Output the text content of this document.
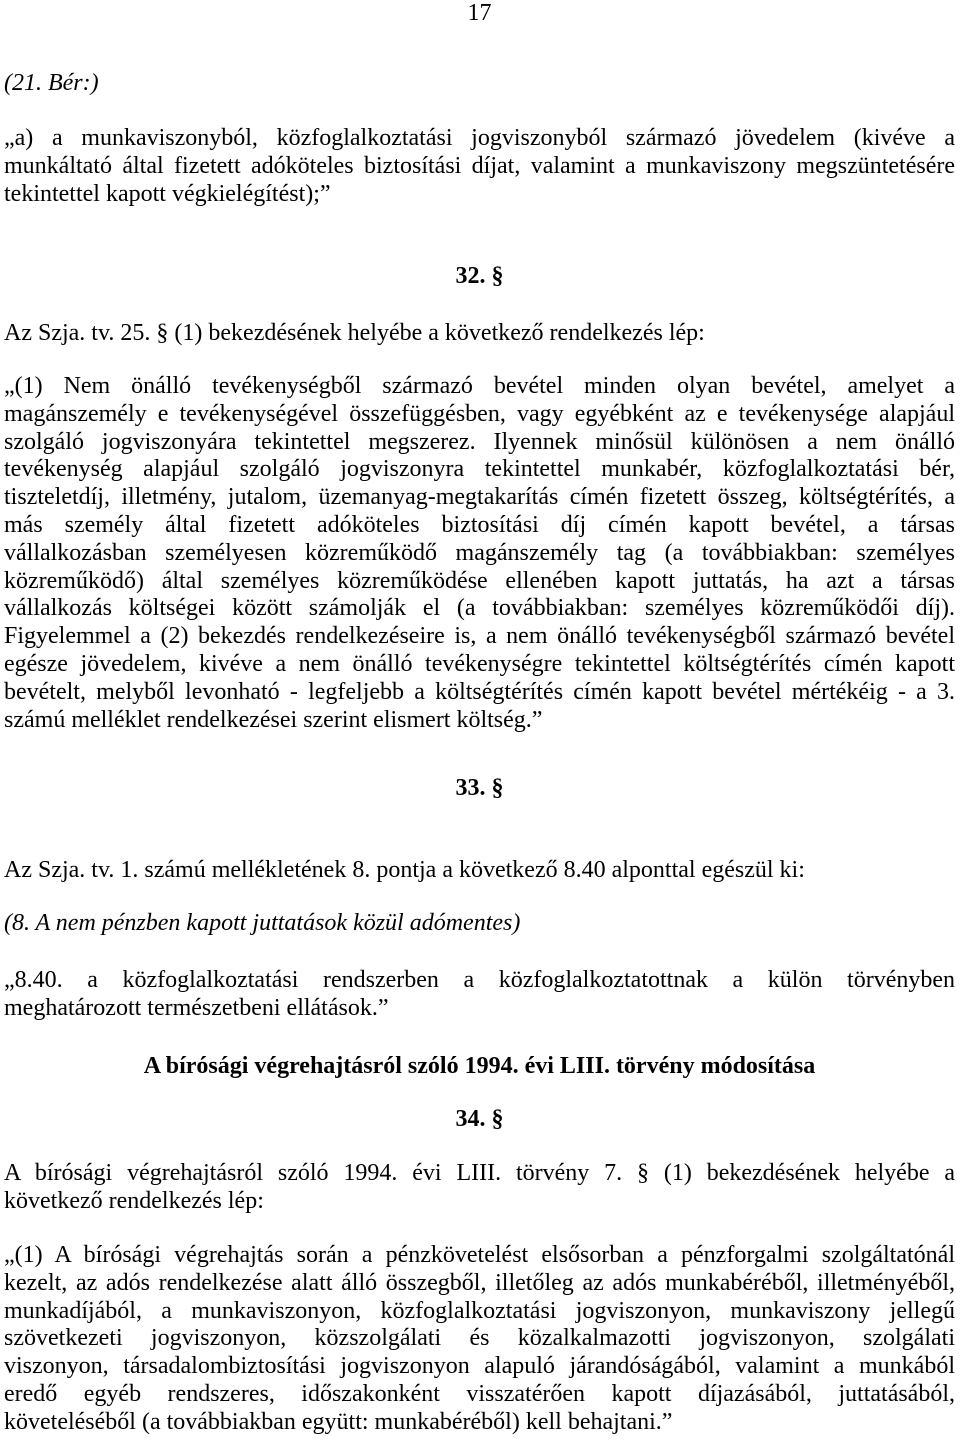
17
(21. Bér:)
„a) a munkaviszonyból, közfoglalkoztatási jogviszonyból származó jövedelem (kivéve a
munkáltató által fizetett adóköteles biztosítási díjat, valamint a munkaviszony megszüntetésére
tekintettel kapott végkielégítést);”
32. §
Az Szja. tv. 25. § (1) bekezdésének helyébe a következő rendelkezés lép:
„(1) Nem önálló tevékenységből származó bevétel minden olyan bevétel, amelyet a
magánszemély e tevékenységével összefüggésben, vagy egyébként az e tevékenysége alapjául
szolgáló jogviszonyára tekintettel megszerez. Ilyennek minősül különösen a nem önálló
tevékenység alapjául szolgáló jogviszonyra tekintettel munkabér, közfoglalkoztatási bér,
tiszteletdíj, illetmény, jutalom, üzemanyag-megtakarítás címén fizetett összeg, költségtérítés, a
más személy által fizetett adóköteles biztosítási díj címén kapott bevétel, a társas
vállalkozásban személyesen közreműködő magánszemély tag (a továbbiakban: személyes
közreműködő) által személyes közreműködése ellenében kapott juttatás, ha azt a társas
vállalkozás költségei között számolják el (a továbbiakban: személyes közreműködői díj).
Figyelemmel a (2) bekezdés rendelkezéseire is, a nem önálló tevékenységből származó bevétel
egésze jövedelem, kivéve a nem önálló tevékenységre tekintettel költségtérítés címén kapott
bevételt, melyből levonható - legfeljebb a költségtérítés címén kapott bevétel mértékéig - a 3.
számú melléklet rendelkezései szerint elismert költség.”
33. §
Az Szja. tv. 1. számú mellékletének 8. pontja a következő 8.40 alponttal egészül ki:
(8. A nem pénzben kapott juttatások közül adómentes)
„8.40. a közfoglalkoztatási rendszerben a közfoglalkoztatottnak a külön törvényben
meghatározott természetbeni ellátások.”
A bírósági végrehajtásról szóló 1994. évi LIII. törvény módosítása
34. §
A bírósági végrehajtásról szóló 1994. évi LIII. törvény 7. § (1) bekezdésének helyébe a
következő rendelkezés lép:
„(1) A bírósági végrehajtás során a pénzkövetelést elsősorban a pénzforgalmi szolgáltatónál
kezelt, az adós rendelkezése alatt álló összegből, illetőleg az adós munkabéréből, illetményéből,
munkadíjából, a munkaviszonyon, közfoglalkoztatási jogviszonyon, munkaviszony jellegű
szövetkezeti jogviszonyon, közszolgálati és közalkalmazotti jogviszonyon, szolgálati
viszonyon, társadalombiztosítási jogviszonyon alapuló járandóságából, valamint a munkából
eredő egyéb rendszeres, időszakonként visszatérően kapott díjazásából, juttatásából,
követeléséből (a továbbiakban együtt: munkabéréből) kell behajtani.”
